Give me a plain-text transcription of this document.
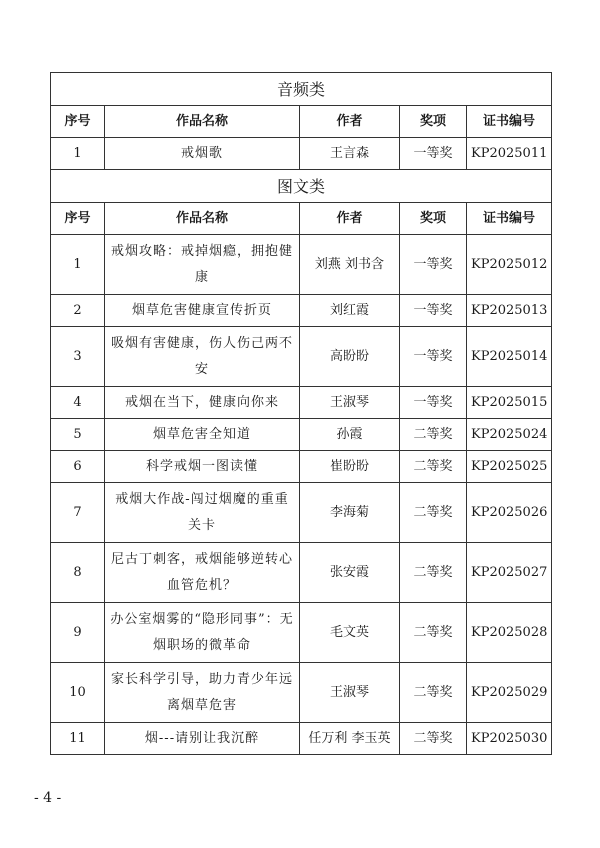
音频类				
序号	作品名称	作者	奖项	证书编号
1	戒烟歌	王言森	一等奖	KP2025011
图文类				
序号	作品名称	作者	奖项	证书编号
1	戒烟攻略：戒掉烟瘾，拥抱健康	刘燕 刘书含	一等奖	KP2025012
2	烟草危害健康宣传折页	刘红霞	一等奖	KP2025013
3	吸烟有害健康，伤人伤己两不安	高盼盼	一等奖	KP2025014
4	戒烟在当下，健康向你来	王淑琴	一等奖	KP2025015
5	烟草危害全知道	孙霞	二等奖	KP2025024
6	科学戒烟一图读懂	崔盼盼	二等奖	KP2025025
7	戒烟大作战-闯过烟魔的重重关卡	李海菊	二等奖	KP2025026
8	尼古丁刺客，戒烟能够逆转心血管危机？	张安霞	二等奖	KP2025027
9	办公室烟雾的“隐形同事”：无烟职场的微革命	毛文英	二等奖	KP2025028
10	家长科学引导，助力青少年远离烟草危害	王淑琴	二等奖	KP2025029
11	烟---请别让我沉醉	任万利 李玉英	二等奖	KP2025030
- 4 -
